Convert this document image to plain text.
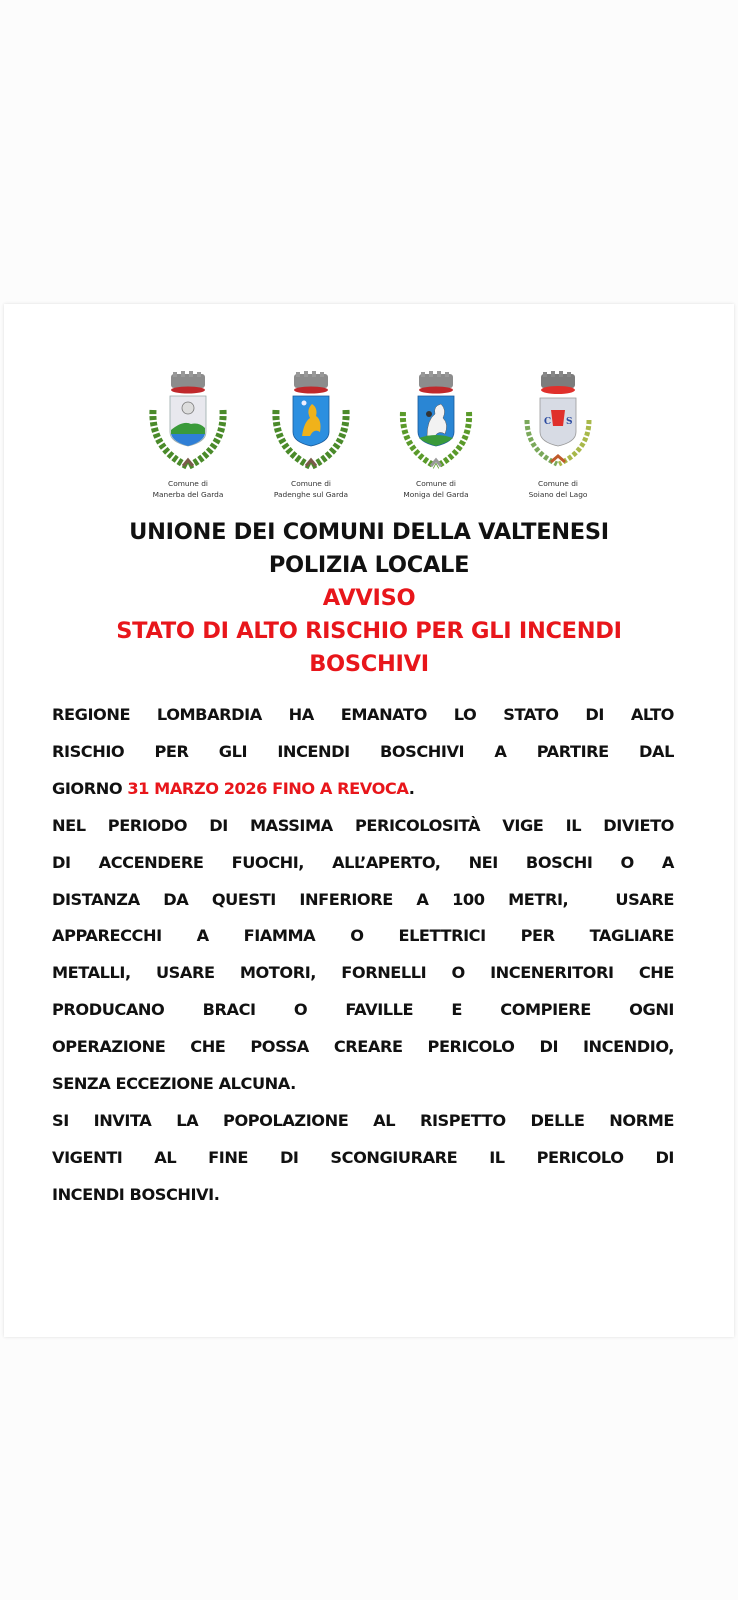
Comune di
Manerba del Garda
Comune di
Padenghe sul Garda
Comune di
Moniga del Garda
C S
Comune di
Soiano del Lago
UNIONE DEI COMUNI DELLA VALTENESI
POLIZIA LOCALE
AVVISO
STATO DI ALTO RISCHIO PER GLI INCENDI
BOSCHIVI

REGIONE LOMBARDIA HA EMANATO LO STATO DI ALTO

RISCHIO PER GLI INCENDI BOSCHIVI A PARTIRE DAL

GIORNO 31 MARZO 2026 FINO A REVOCA.

NEL PERIODO DI MASSIMA PERICOLOSITÀ VIGE IL DIVIETO

DI ACCENDERE FUOCHI, ALL’APERTO, NEI BOSCHI O A

DISTANZA DA QUESTI INFERIORE A 100 METRI,  USARE

APPARECCHI A FIAMMA O ELETTRICI PER TAGLIARE

METALLI, USARE MOTORI, FORNELLI O INCENERITORI CHE

PRODUCANO BRACI O FAVILLE E COMPIERE OGNI

OPERAZIONE CHE POSSA CREARE PERICOLO DI INCENDIO,

SENZA ECCEZIONE ALCUNA.

SI INVITA LA POPOLAZIONE AL RISPETTO DELLE NORME

VIGENTI AL FINE DI SCONGIURARE IL PERICOLO DI

INCENDI BOSCHIVI.
